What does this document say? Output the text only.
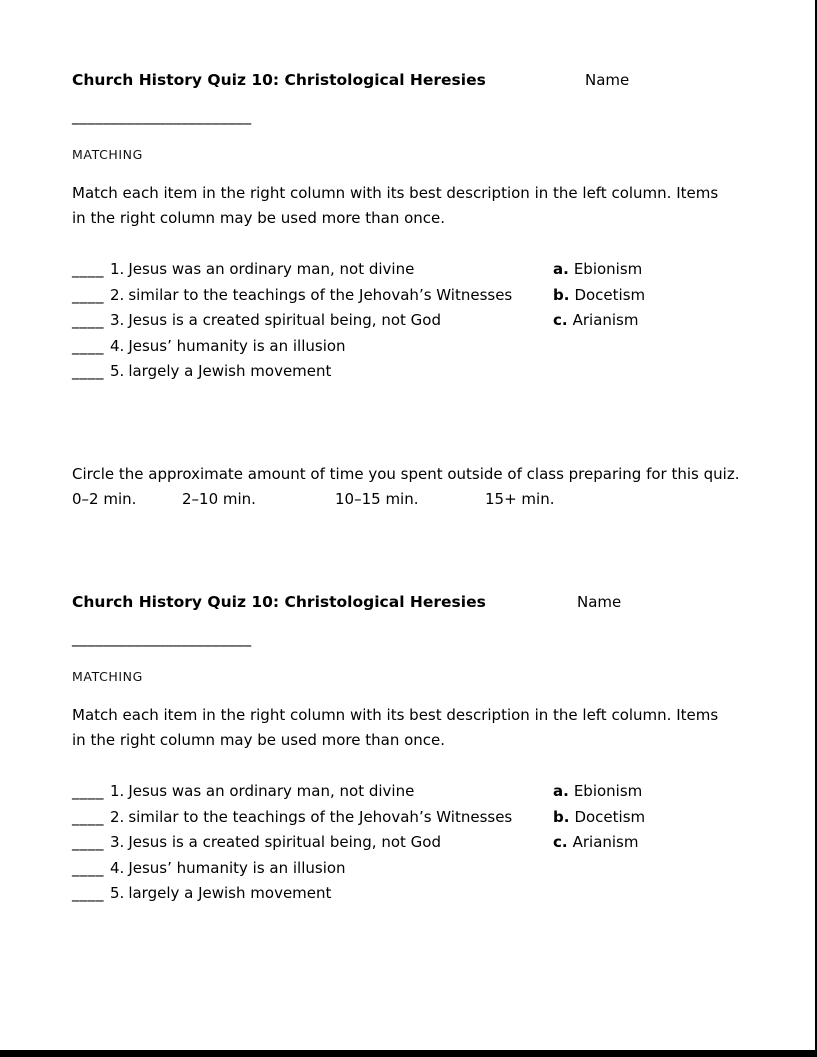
Church History Quiz 10: Christological Heresies	Name
_______________________
MATCHING

Match each item in the right column with its best description in the left column. Items in the right column may be used more than once.

____ 1. Jesus was an ordinary man, not divine	a. Ebionism
____ 2. similar to the teachings of the Jehovah’s Witnesses	b. Docetism
____ 3. Jesus is a created spiritual being, not God	c. Arianism
____ 4. Jesus’ humanity is an illusion
____ 5. largely a Jewish movement
Circle the approximate amount of time you spent outside of class preparing for this quiz.
0–2 min.	2–10 min.	10–15 min.	15+ min.
Church History Quiz 10: Christological Heresies	Name
_______________________
MATCHING

Match each item in the right column with its best description in the left column. Items in the right column may be used more than once.

____ 1. Jesus was an ordinary man, not divine	a. Ebionism
____ 2. similar to the teachings of the Jehovah’s Witnesses	b. Docetism
____ 3. Jesus is a created spiritual being, not God	c. Arianism
____ 4. Jesus’ humanity is an illusion
____ 5. largely a Jewish movement
